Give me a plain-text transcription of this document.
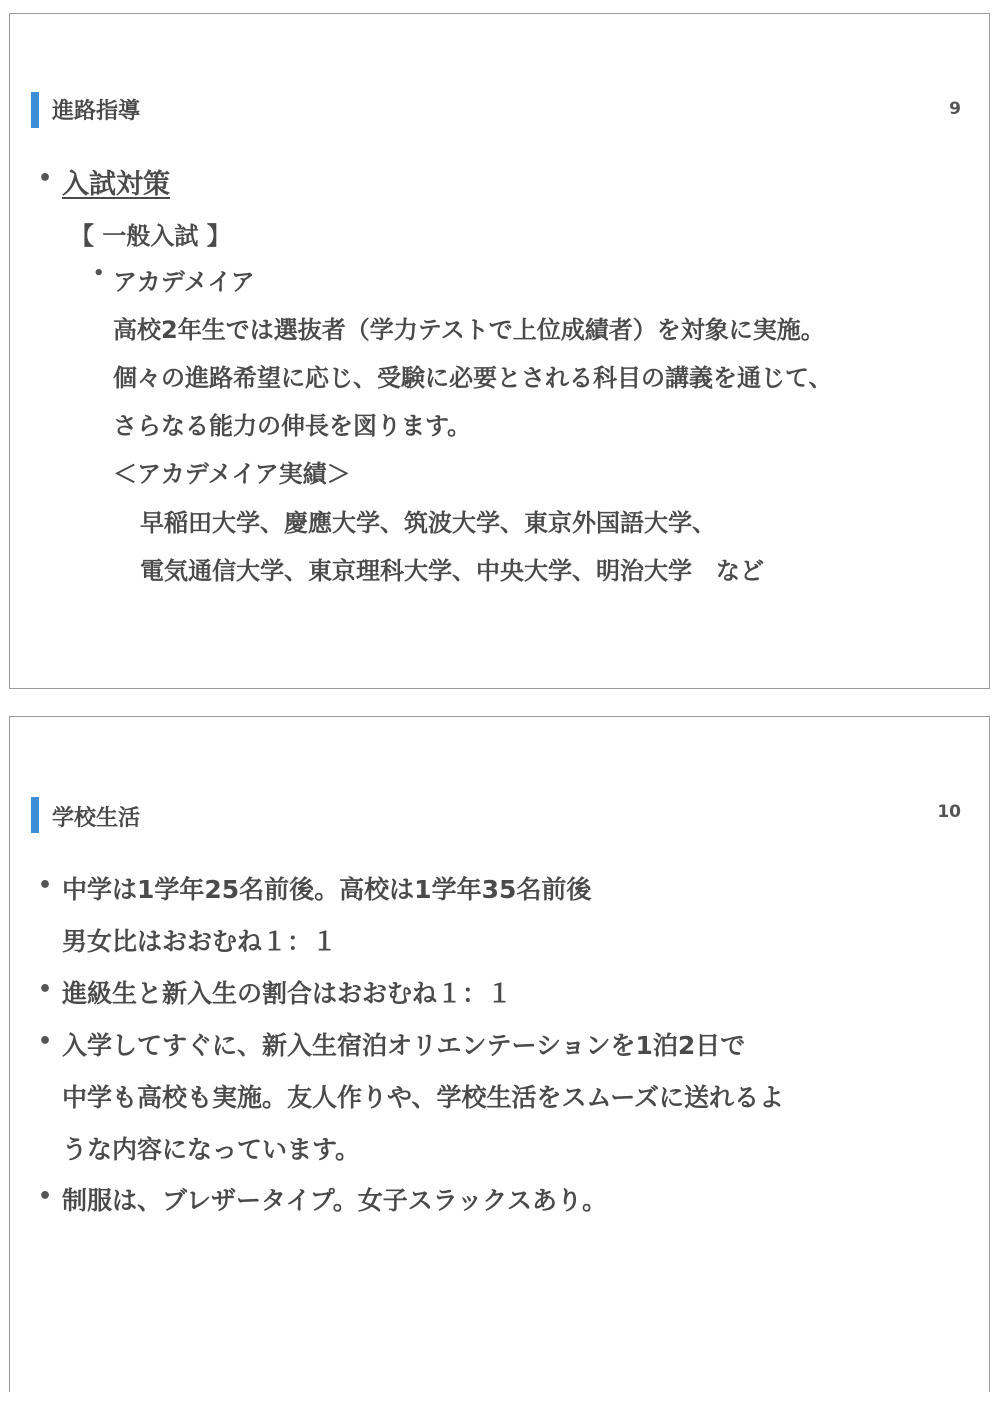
進路指導	9
• 入試対策
【 一般入試 】
• アカデメイア
高校2年生では選抜者（学力テストで上位成績者）を対象に実施。
個々の進路希望に応じ、受験に必要とされる科目の講義を通じて、
さらなる能力の伸長を図ります。
＜アカデメイア実績＞
早稲田大学、慶應大学、筑波大学、東京外国語大学、
電気通信大学、東京理科大学、中央大学、明治大学　など
学校生活	10
• 中学は1学年25名前後。高校は1学年35名前後
男女比はおおむね１：１
• 進級生と新入生の割合はおおむね１：１
• 入学してすぐに、新入生宿泊オリエンテーションを1泊2日で
中学も高校も実施。友人作りや、学校生活をスムーズに送れるよ
うな内容になっています。
• 制服は、ブレザータイプ。女子スラックスあり。
